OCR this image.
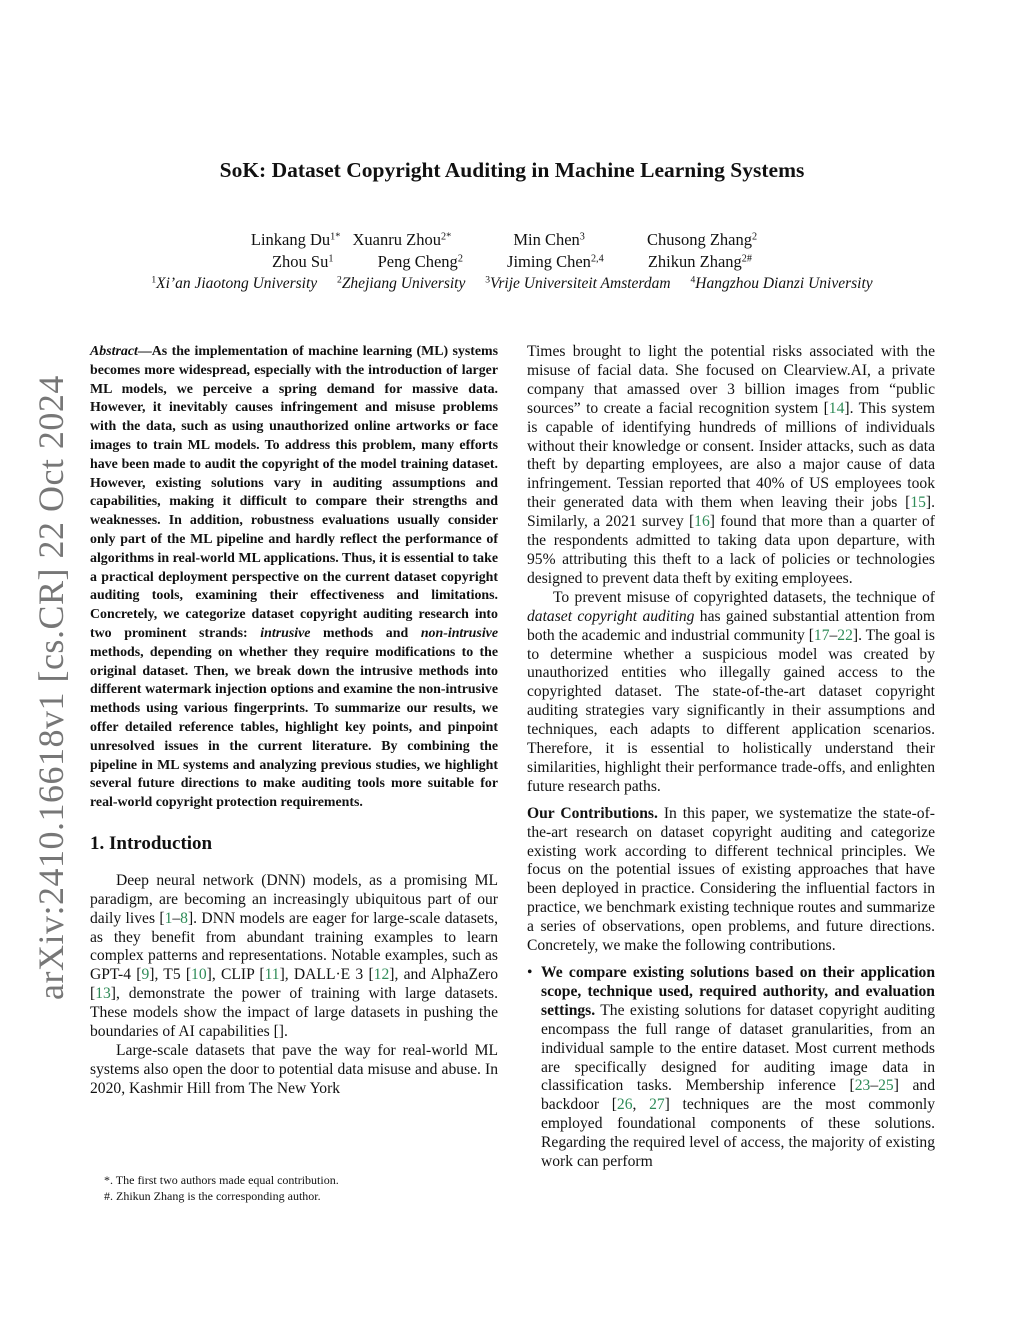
arXiv:2410.16618v1 [cs.CR] 22 Oct 2024
SoK: Dataset Copyright Auditing in Machine Learning Systems
Linkang $Du^{1*}$ Xuanru Zhou$^{2*}$	Min Chen$^3$	Chusong Zhang$^2$
Zhou Su$^1$	Peng Cheng$^2$	Jiming Chen$^{2,4}$	Zhikun Zhang$^{2\#}$
$^1$Xi’an Jiaotong University $^2$Zhejiang University $^3$Vrije Universiteit Amsterdam $^4$Hangzhou Dianzi University

Abstract—As the implementation of machine learning (ML) systems becomes more widespread, especially with the introduction of larger ML models, we perceive a spring demand for massive data. However, it inevitably causes infringement and misuse problems with the data, such as using unauthorized online artworks or face images to train ML models. To address this problem, many efforts have been made to audit the copyright of the model training dataset. However, existing solutions vary in auditing assumptions and capabilities, making it difficult to compare their strengths and weaknesses. In addition, robustness evaluations usually consider only part of the ML pipeline and hardly reflect the performance of algorithms in real-world ML applications. Thus, it is essential to take a practical deployment perspective on the current dataset copyright auditing tools, examining their effectiveness and limitations. Concretely, we categorize dataset copyright auditing research into two prominent strands: intrusive methods and non-intrusive methods, depending on whether they require modifications to the original dataset. Then, we break down the intrusive methods into different watermark injection options and examine the non-intrusive methods using various fingerprints. To summarize our results, we offer detailed reference tables, highlight key points, and pinpoint unresolved issues in the current literature. By combining the pipeline in ML systems and analyzing previous studies, we highlight several future directions to make auditing tools more suitable for real-world copyright protection requirements.

1. Introduction

Deep neural network (DNN) models, as a promising ML paradigm, are becoming an increasingly ubiquitous part of our daily lives [1–8]. DNN models are eager for large-scale datasets, as they benefit from abundant training examples to learn complex patterns and representations. Notable examples, such as GPT-4 [9], T5 [10], CLIP [11], DALL·E 3 [12], and AlphaZero [13], demonstrate the power of training with large datasets. These models show the impact of large datasets in pushing the boundaries of AI capabilities [].

Large-scale datasets that pave the way for real-world ML systems also open the door to potential data misuse and abuse. In 2020, Kashmir Hill from The New York

*. The first two authors made equal contribution.
#. Zhikun Zhang is the corresponding author.

Times brought to light the potential risks associated with the misuse of facial data. She focused on Clearview.AI, a private company that amassed over 3 billion images from “public sources” to create a facial recognition system [14]. This system is capable of identifying hundreds of millions of individuals without their knowledge or consent. Insider attacks, such as data theft by departing employees, are also a major cause of data infringement. Tessian reported that 40% of US employees took their generated data with them when leaving their jobs [15]. Similarly, a 2021 survey [16] found that more than a quarter of the respondents admitted to taking data upon departure, with 95% attributing this theft to a lack of policies or technologies designed to prevent data theft by exiting employees.

To prevent misuse of copyrighted datasets, the technique of dataset copyright auditing has gained substantial attention from both the academic and industrial community [17–22]. The goal is to determine whether a suspicious model was created by unauthorized entities who illegally gained access to the copyrighted dataset. The state-of-the-art dataset copyright auditing strategies vary significantly in their assumptions and techniques, each adapts to different application scenarios. Therefore, it is essential to holistically understand their similarities, highlight their performance trade-offs, and enlighten future research paths.

Our Contributions. In this paper, we systematize the state-of-the-art research on dataset copyright auditing and categorize existing work according to different technical principles. We focus on the potential issues of existing approaches that have been deployed in practice. Considering the influential factors in practice, we benchmark existing technique routes and summarize a series of observations, open problems, and future directions. Concretely, we make the following contributions.

• We compare existing solutions based on their application scope, technique used, required authority, and evaluation settings. The existing solutions for dataset copyright auditing encompass the full range of dataset granularities, from an individual sample to the entire dataset. Most current methods are specifically designed for auditing image data in classification tasks. Membership inference [23–25] and backdoor [26, 27] techniques are the most commonly employed foundational components of these solutions. Regarding the required level of access, the majority of existing work can perform
